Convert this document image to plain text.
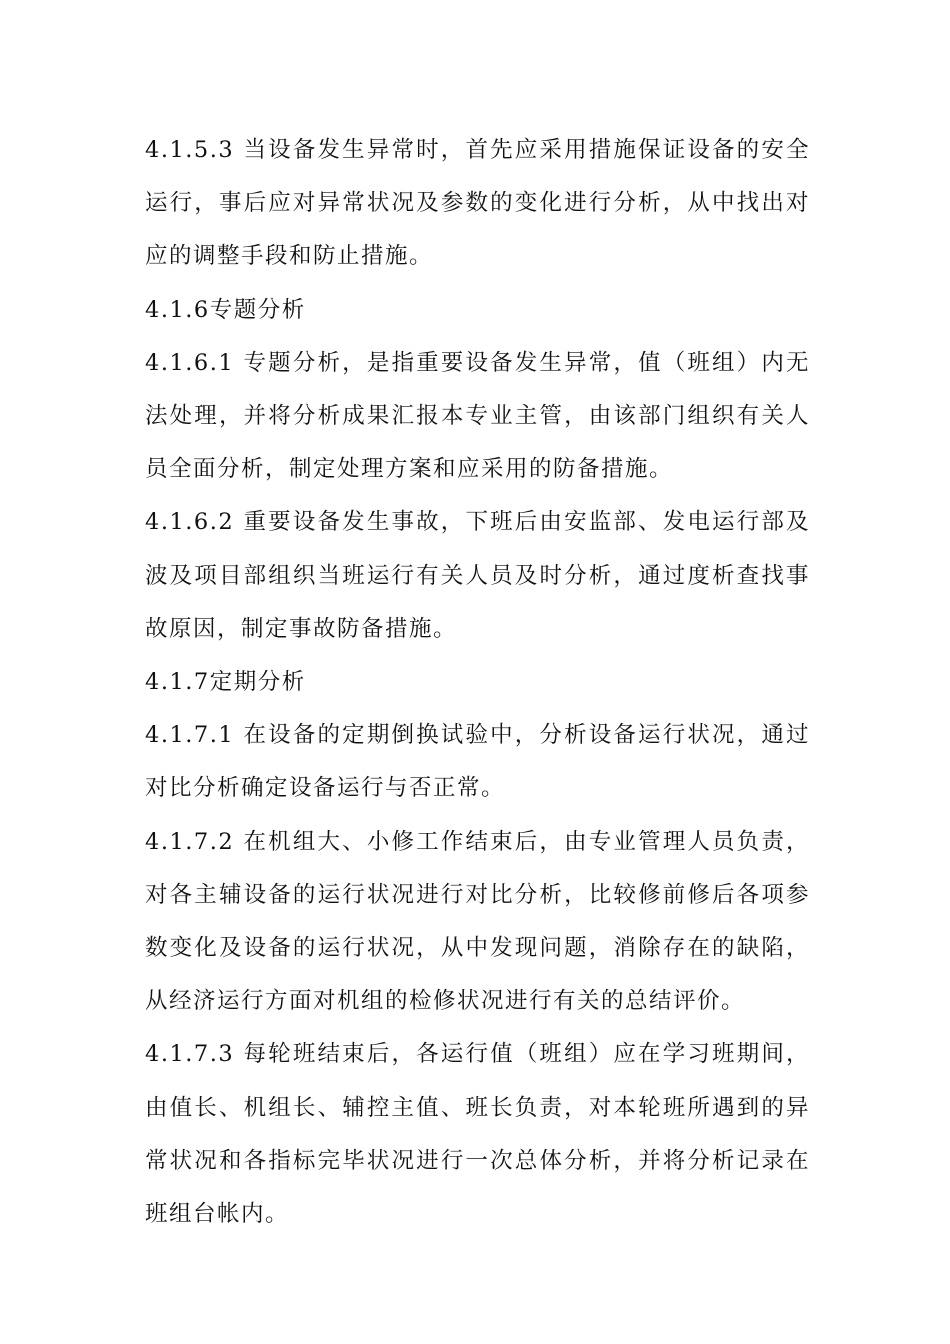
4.1.5.3 当设备发生异常时，首先应采用措施保证设备的安全运行，事后应对异常状况及参数的变化进行分析，从中找出对应的调整手段和防止措施。

4.1.6专题分析

4.1.6.1 专题分析，是指重要设备发生异常，值（班组）内无法处理，并将分析成果汇报本专业主管，由该部门组织有关人员全面分析，制定处理方案和应采用的防备措施。

4.1.6.2 重要设备发生事故，下班后由安监部、发电运行部及波及项目部组织当班运行有关人员及时分析，通过度析查找事故原因，制定事故防备措施。

4.1.7定期分析

4.1.7.1 在设备的定期倒换试验中，分析设备运行状况，通过对比分析确定设备运行与否正常。

4.1.7.2 在机组大、小修工作结束后，由专业管理人员负责，对各主辅设备的运行状况进行对比分析，比较修前修后各项参数变化及设备的运行状况，从中发现问题，消除存在的缺陷，从经济运行方面对机组的检修状况进行有关的总结评价。

4.1.7.3 每轮班结束后，各运行值（班组）应在学习班期间，由值长、机组长、辅控主值、班长负责，对本轮班所遇到的异常状况和各指标完毕状况进行一次总体分析，并将分析记录在班组台帐内。
